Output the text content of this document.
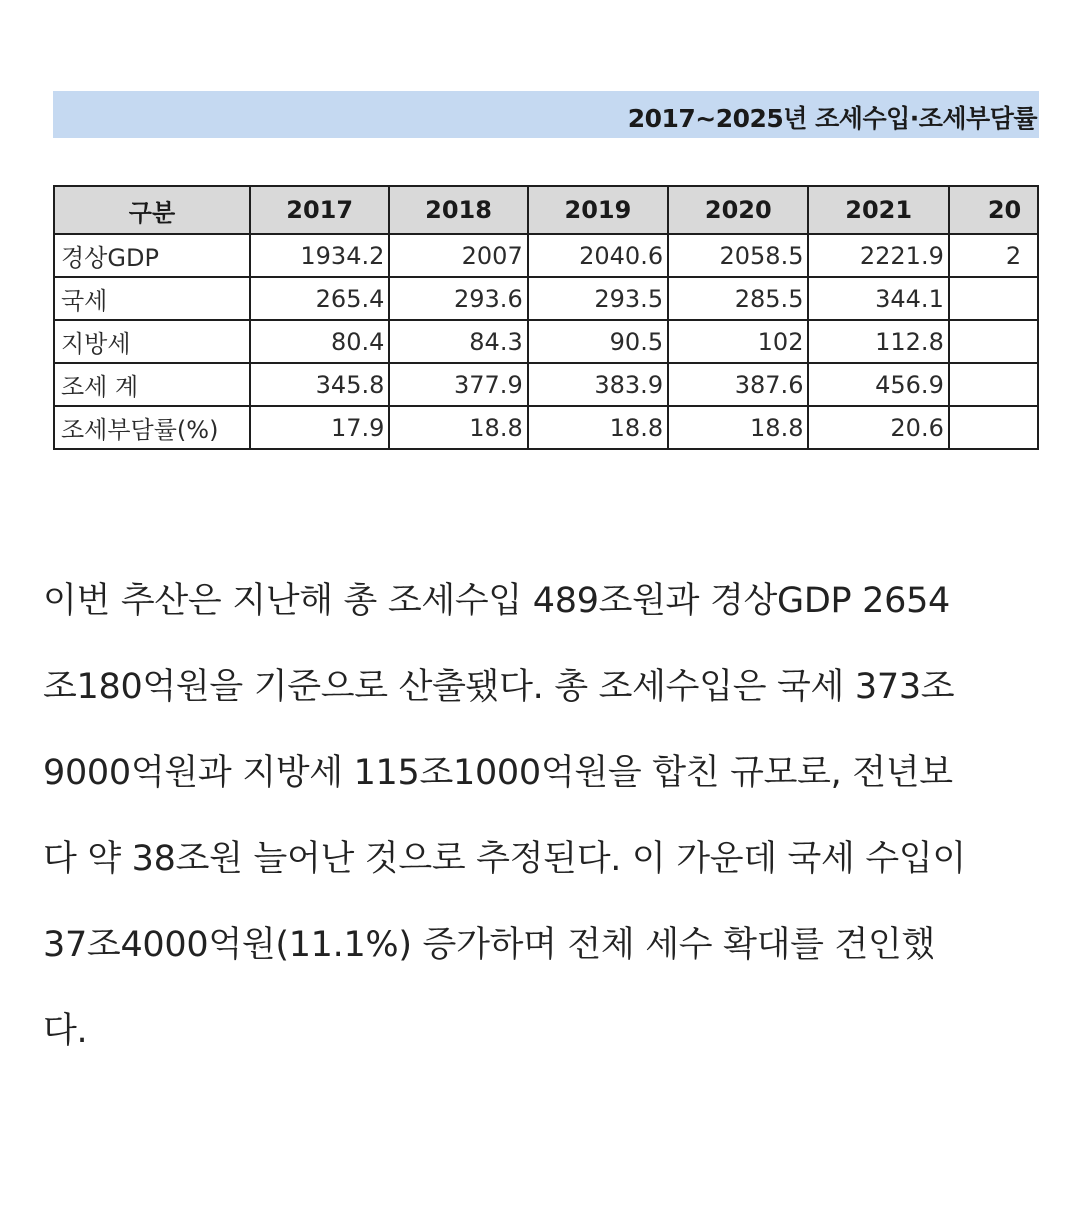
2017~2025년 조세수입·조세부담률
구분	2017	2018	2019	2020	2021	20
경상GDP	1934.2	2007	2040.6	2058.5	2221.9	2
국세	265.4	293.6	293.5	285.5	344.1	
지방세	80.4	84.3	90.5	102	112.8	
조세 계	345.8	377.9	383.9	387.6	456.9	
조세부담률(%)	17.9	18.8	18.8	18.8	20.6	
이번 추산은 지난해 총 조세수입 489조원과 경상GDP 2654
조180억원을 기준으로 산출됐다. 총 조세수입은 국세 373조
9000억원과 지방세 115조1000억원을 합친 규모로, 전년보
다 약 38조원 늘어난 것으로 추정된다. 이 가운데 국세 수입이
37조4000억원(11.1%) 증가하며 전체 세수 확대를 견인했
다.
